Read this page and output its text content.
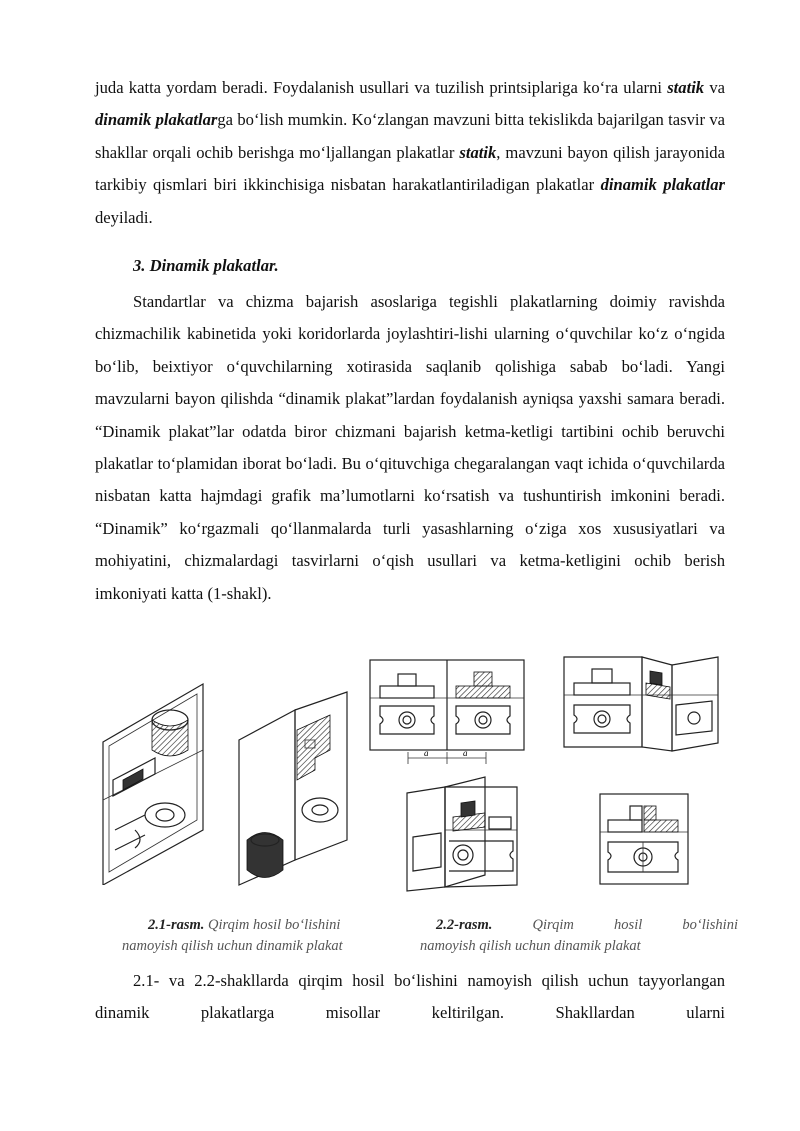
juda katta yordam beradi. Foydalanish usullari va tuzilish printsiplariga ko‘ra ularni statik va dinamik plakatlarga bo‘lish mumkin. Ko‘zlangan mavzuni bitta tekislikda bajarilgan tasvir va shakllar orqali ochib berishga mo‘ljallangan plakatlar statik, mavzuni bayon qilish jarayonida tarkibiy qismlari biri ikkinchisiga nisbatan harakatlantiriladigan plakatlar dinamik plakatlar deyiladi.

3. Dinamik plakatlar.

Standartlar va chizma bajarish asoslariga tegishli plakatlarning doimiy ravishda chizmachilik kabinetida yoki koridorlarda joylashtiri-lishi ularning o‘quvchilar ko‘z o‘ngida bo‘lib, beixtiyor o‘quvchilarning xotirasida saqlanib qolishiga sabab bo‘ladi. Yangi mavzularni bayon qilishda “dinamik plakat”lardan foydalanish ayniqsa yaxshi samara beradi. “Dinamik plakat”lar odatda biror chizmani bajarish ketma-ketligi tartibini ochib beruvchi plakatlar to‘plamidan iborat bo‘ladi. Bu o‘qituvchiga chegaralangan vaqt ichida o‘quvchilarda nisbatan katta hajmdagi grafik ma’lumotlarni ko‘rsatish va tushuntirish imkonini beradi. “Dinamik” ko‘rgazmali qo‘llanmalarda turli yasashlarning o‘ziga xos xususiyatlari va mohiyatini, chizmalardagi tasvirlarni o‘qish usullari va ketma-ketligini ochib berish imkoniyati katta (1-shakl).

a	a
2.1-rasm. Qirqim hosil bo‘lishini
namoyish qilish uchun dinamik plakat
2.2-rasm.	Qirqim	hosil	bo‘lishini
namoyish qilish uchun dinamik plakat

2.1- va 2.2-shakllarda qirqim hosil bo‘lishini namoyish qilish uchun tayyorlangan dinamik plakatlarga misollar keltirilgan. Shakllardan ularni
